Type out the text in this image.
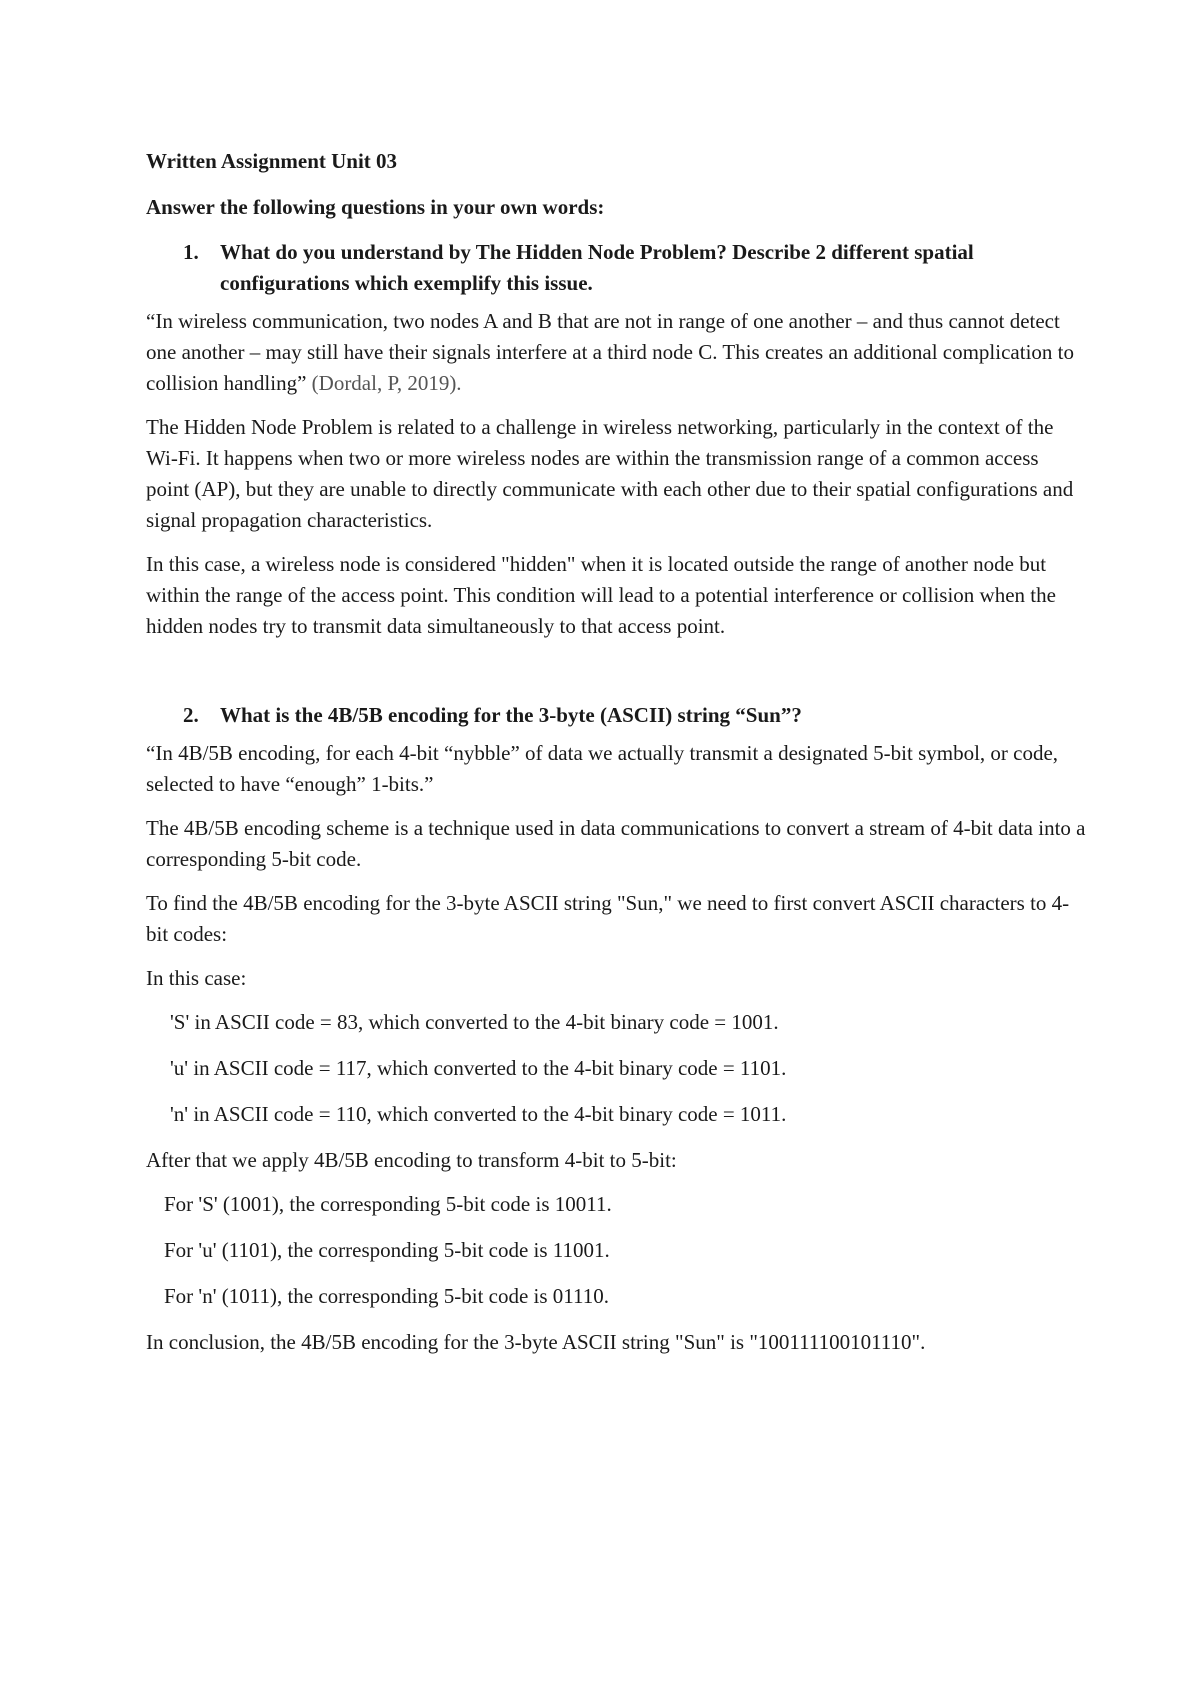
Written Assignment Unit 03
Answer the following questions in your own words:
1.	What do you understand by The Hidden Node Problem? Describe 2 different spatial configurations which exemplify this issue.

“In wireless communication, two nodes A and B that are not in range of one another – and thus cannot detect one another – may still have their signals interfere at a third node C. This creates an additional complication to collision handling” (Dordal, P, 2019).

The Hidden Node Problem is related to a challenge in wireless networking, particularly in the context of the Wi-Fi. It happens when two or more wireless nodes are within the transmission range of a common access point (AP), but they are unable to directly communicate with each other due to their spatial configurations and signal propagation characteristics.

In this case, a wireless node is considered "hidden" when it is located outside the range of another node but within the range of the access point. This condition will lead to a potential interference or collision when the hidden nodes try to transmit data simultaneously to that access point.

2.	What is the 4B/5B encoding for the 3-byte (ASCII) string “Sun”?

“In 4B/5B encoding, for each 4-bit “nybble” of data we actually transmit a designated 5-bit symbol, or code, selected to have “enough” 1-bits.”

The 4B/5B encoding scheme is a technique used in data communications to convert a stream of 4-bit data into a corresponding 5-bit code.

To find the 4B/5B encoding for the 3-byte ASCII string "Sun," we need to first convert ASCII characters to 4-bit codes:

In this case:

'S' in ASCII code = 83, which converted to the 4-bit binary code = 1001.

'u' in ASCII code = 117, which converted to the 4-bit binary code = 1101.

'n' in ASCII code = 110, which converted to the 4-bit binary code = 1011.

After that we apply 4B/5B encoding to transform 4-bit to 5-bit:

For 'S' (1001), the corresponding 5-bit code is 10011.

For 'u' (1101), the corresponding 5-bit code is 11001.

For 'n' (1011), the corresponding 5-bit code is 01110.

In conclusion, the 4B/5B encoding for the 3-byte ASCII string "Sun" is "100111100101110".
